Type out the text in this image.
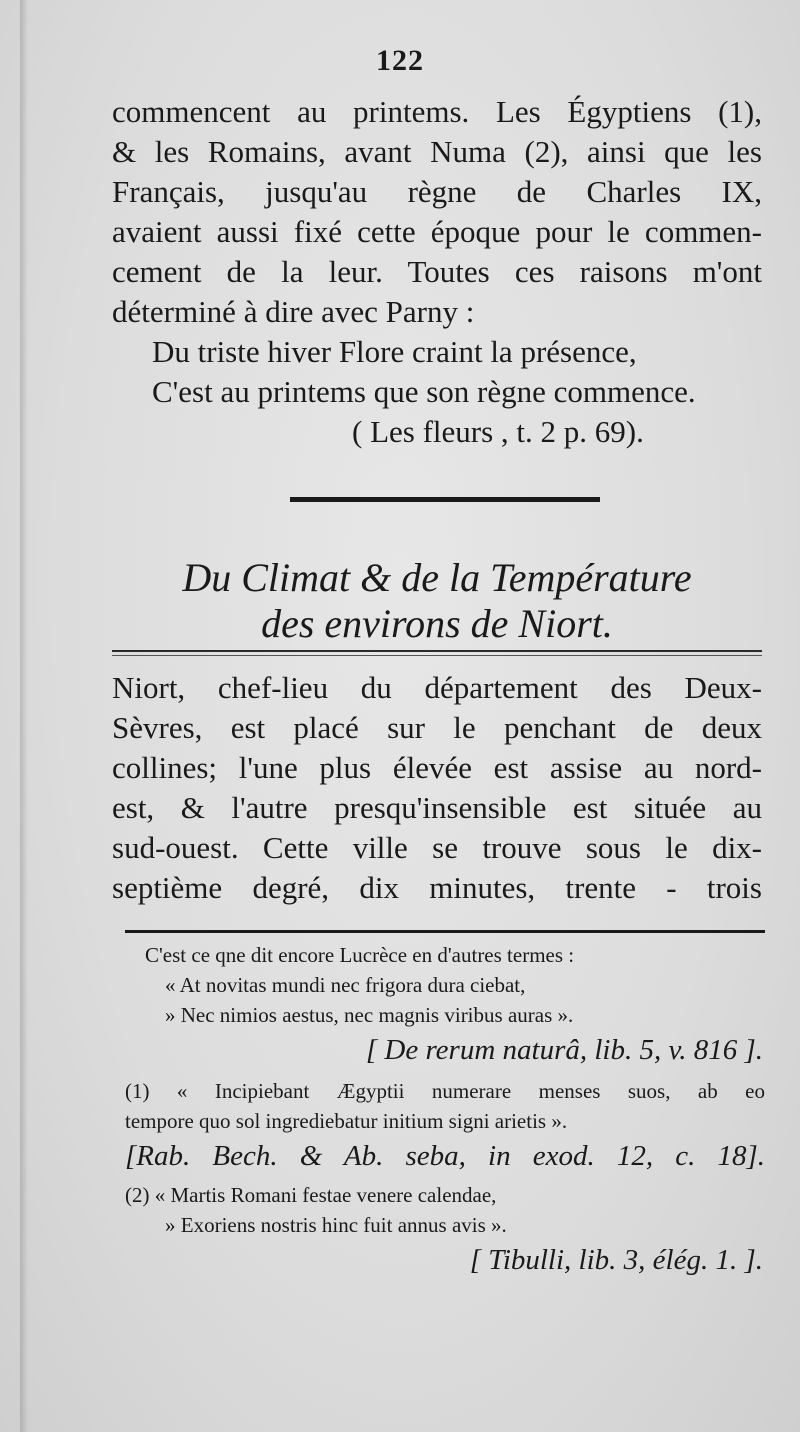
122
commencent au printems. Les Égyptiens (1),
& les Romains, avant Numa (2), ainsi que les
Français, jusqu'au règne de Charles IX,
avaient aussi fixé cette époque pour le commen-
cement de la leur. Toutes ces raisons m'ont
déterminé à dire avec Parny :
Du triste hiver Flore craint la présence,
C'est au printems que son règne commence.
( Les fleurs , t. 2 p. 69).
Du Climat & de la Température
des environs de Niort.
Niort, chef-lieu du département des Deux-
Sèvres, est placé sur le penchant de deux
collines; l'une plus élevée est assise au nord-
est, & l'autre presqu'insensible est située au
sud-ouest. Cette ville se trouve sous le dix-
septième degré, dix minutes, trente - trois
C'est ce qne dit encore Lucrèce en d'autres termes :
« At novitas mundi nec frigora dura ciebat,
» Nec nimios aestus, nec magnis viribus auras ».
[ De rerum naturâ, lib. 5, v. 816 ].
(1) « Incipiebant Ægyptii numerare menses suos, ab eo
tempore quo sol ingrediebatur initium signi arietis ».
[Rab. Bech. & Ab. seba, in exod. 12, c. 18].
(2) « Martis Romani festae venere calendae,
» Exoriens nostris hinc fuit annus avis ».
[ Tibulli, lib. 3, élég. 1. ].
